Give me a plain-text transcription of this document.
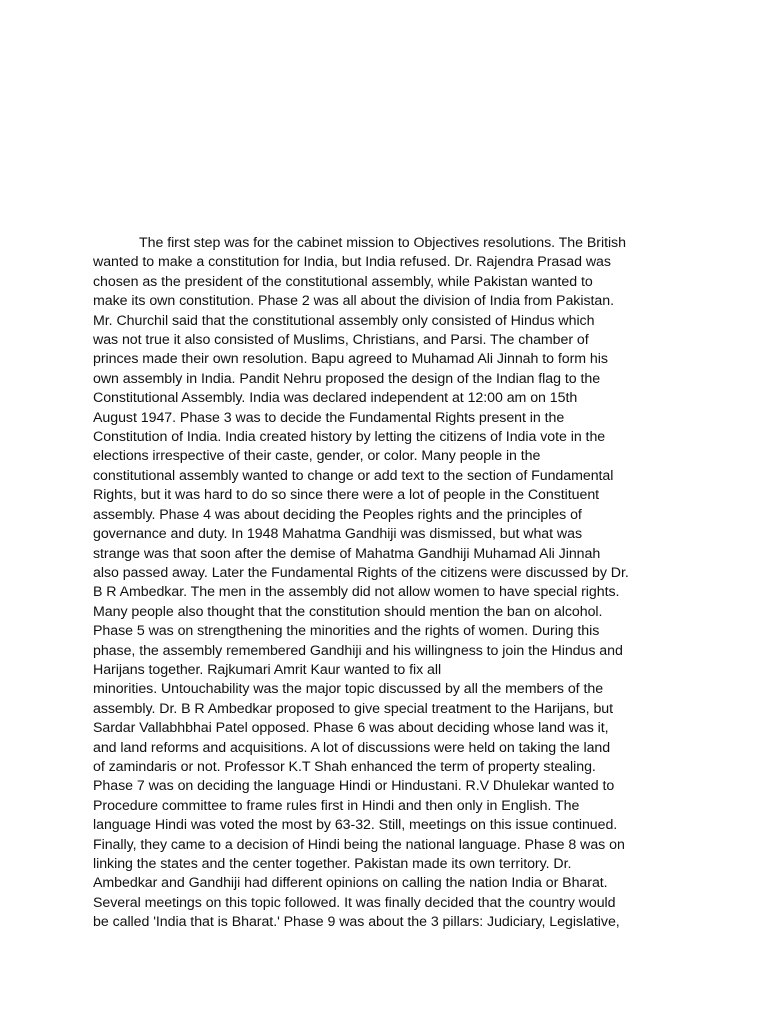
The first step was for the cabinet mission to Objectives resolutions. The British
wanted to make a constitution for India, but India refused. Dr. Rajendra Prasad was
chosen as the president of the constitutional assembly, while Pakistan wanted to
make its own constitution. Phase 2 was all about the division of India from Pakistan.
Mr. Churchil said that the constitutional assembly only consisted of Hindus which
was not true it also consisted of Muslims, Christians, and Parsi. The chamber of
princes made their own resolution. Bapu agreed to Muhamad Ali Jinnah to form his
own assembly in India. Pandit Nehru proposed the design of the Indian flag to the
Constitutional Assembly. India was declared independent at 12:00 am on 15th
August 1947. Phase 3 was to decide the Fundamental Rights present in the
Constitution of India. India created history by letting the citizens of India vote in the
elections irrespective of their caste, gender, or color. Many people in the
constitutional assembly wanted to change or add text to the section of Fundamental
Rights, but it was hard to do so since there were a lot of people in the Constituent
assembly. Phase 4 was about deciding the Peoples rights and the principles of
governance and duty. In 1948 Mahatma Gandhiji was dismissed, but what was
strange was that soon after the demise of Mahatma Gandhiji Muhamad Ali Jinnah
also passed away. Later the Fundamental Rights of the citizens were discussed by Dr.
B R Ambedkar. The men in the assembly did not allow women to have special rights.
Many people also thought that the constitution should mention the ban on alcohol.
Phase 5 was on strengthening the minorities and the rights of women. During this
phase, the assembly remembered Gandhiji and his willingness to join the Hindus and
Harijans together. Rajkumari Amrit Kaur wanted to fix all
minorities. Untouchability was the major topic discussed by all the members of the
assembly. Dr. B R Ambedkar proposed to give special treatment to the Harijans, but
Sardar Vallabhbhai Patel opposed. Phase 6 was about deciding whose land was it,
and land reforms and acquisitions. A lot of discussions were held on taking the land
of zamindaris or not. Professor K.T Shah enhanced the term of property stealing.
Phase 7 was on deciding the language Hindi or Hindustani. R.V Dhulekar wanted to
Procedure committee to frame rules first in Hindi and then only in English. The
language Hindi was voted the most by 63-32. Still, meetings on this issue continued.
Finally, they came to a decision of Hindi being the national language. Phase 8 was on
linking the states and the center together. Pakistan made its own territory. Dr.
Ambedkar and Gandhiji had different opinions on calling the nation India or Bharat.
Several meetings on this topic followed. It was finally decided that the country would
be called 'India that is Bharat.' Phase 9 was about the 3 pillars: Judiciary, Legislative,
